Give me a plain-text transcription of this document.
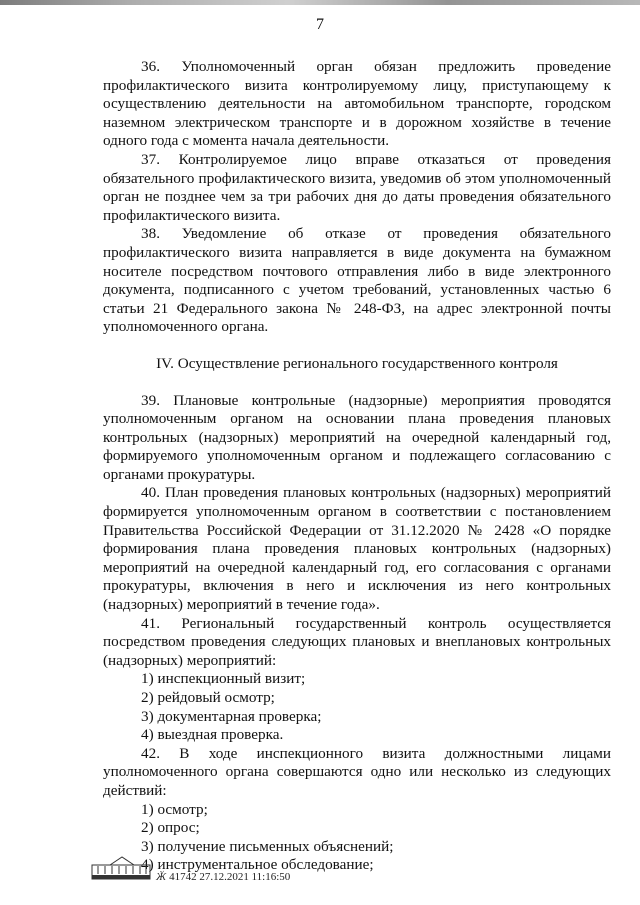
7

36. Уполномоченный орган обязан предложить проведение профилактического визита контролируемому лицу, приступающему к осуществлению деятельности на автомобильном транспорте, городском наземном электрическом транспорте и в дорожном хозяйстве в течение одного года с момента начала деятельности.

37. Контролируемое лицо вправе отказаться от проведения обязательного профилактического визита, уведомив об этом уполномоченный орган не позднее чем за три рабочих дня до даты проведения обязательного профилактического визита.

38. Уведомление об отказе от проведения обязательного профилактического визита направляется в виде документа на бумажном носителе посредством почтового отправления либо в виде электронного документа, подписанного с учетом требований, установленных частью 6 статьи 21 Федерального закона № 248-ФЗ, на адрес электронной почты уполномоченного органа.

IV. Осуществление регионального государственного контроля

39. Плановые контрольные (надзорные) мероприятия проводятся уполномоченным органом на основании плана проведения плановых контрольных (надзорных) мероприятий на очередной календарный год, формируемого уполномоченным органом и подлежащего согласованию с органами прокуратуры.

40. План проведения плановых контрольных (надзорных) мероприятий формируется уполномоченным органом в соответствии с постановлением Правительства Российской Федерации от 31.12.2020 № 2428 «О порядке формирования плана проведения плановых контрольных (надзорных) мероприятий на очередной календарный год, его согласования с органами прокуратуры, включения в него и исключения из него контрольных (надзорных) мероприятий в течение года».

41. Региональный государственный контроль осуществляется посредством проведения следующих плановых и внеплановых контрольных (надзорных) мероприятий:

1) инспекционный визит;

2) рейдовый осмотр;

3) документарная проверка;

4) выездная проверка.

42. В ходе инспекционного визита должностными лицами уполномоченного органа совершаются одно или несколько из следующих действий:

1) осмотр;

2) опрос;

3) получение письменных объяснений;

4) инструментальное обследование;

Ӂ 41742 27.12.2021 11:16:50
